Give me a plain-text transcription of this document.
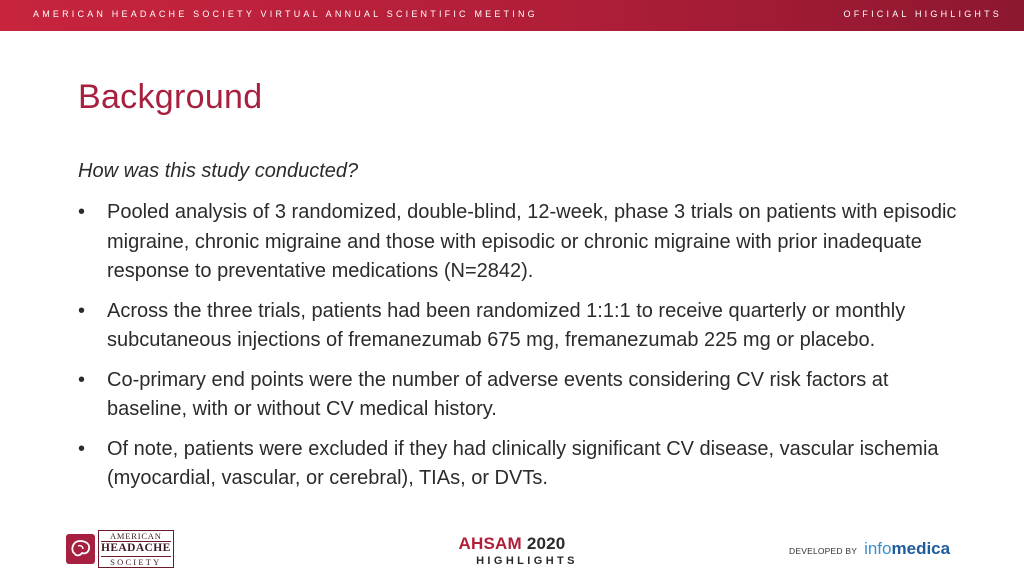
AMERICAN HEADACHE SOCIETY VIRTUAL ANNUAL SCIENTIFIC MEETING	OFFICIAL HIGHLIGHTS
Background
How was this study conducted?
•	Pooled analysis of 3 randomized, double-blind, 12-week, phase 3 trials on patients with episodic migraine, chronic migraine and those with episodic or chronic migraine with prior inadequate response to preventative medications (N=2842).
•	Across the three trials, patients had been randomized 1:1:1 to receive quarterly or monthly subcutaneous injections of fremanezumab 675 mg, fremanezumab 225 mg or placebo.
•	Co-primary end points were the number of adverse events considering CV risk factors at baseline, with or without CV medical history.
•	Of note, patients were excluded if they had clinically significant CV disease, vascular ischemia (myocardial, vascular, or cerebral), TIAs, or DVTs.
AMERICAN
HEADACHE
SOCIETY
AHSAM 2020
HIGHLIGHTS
DEVELOPED BY info medica
